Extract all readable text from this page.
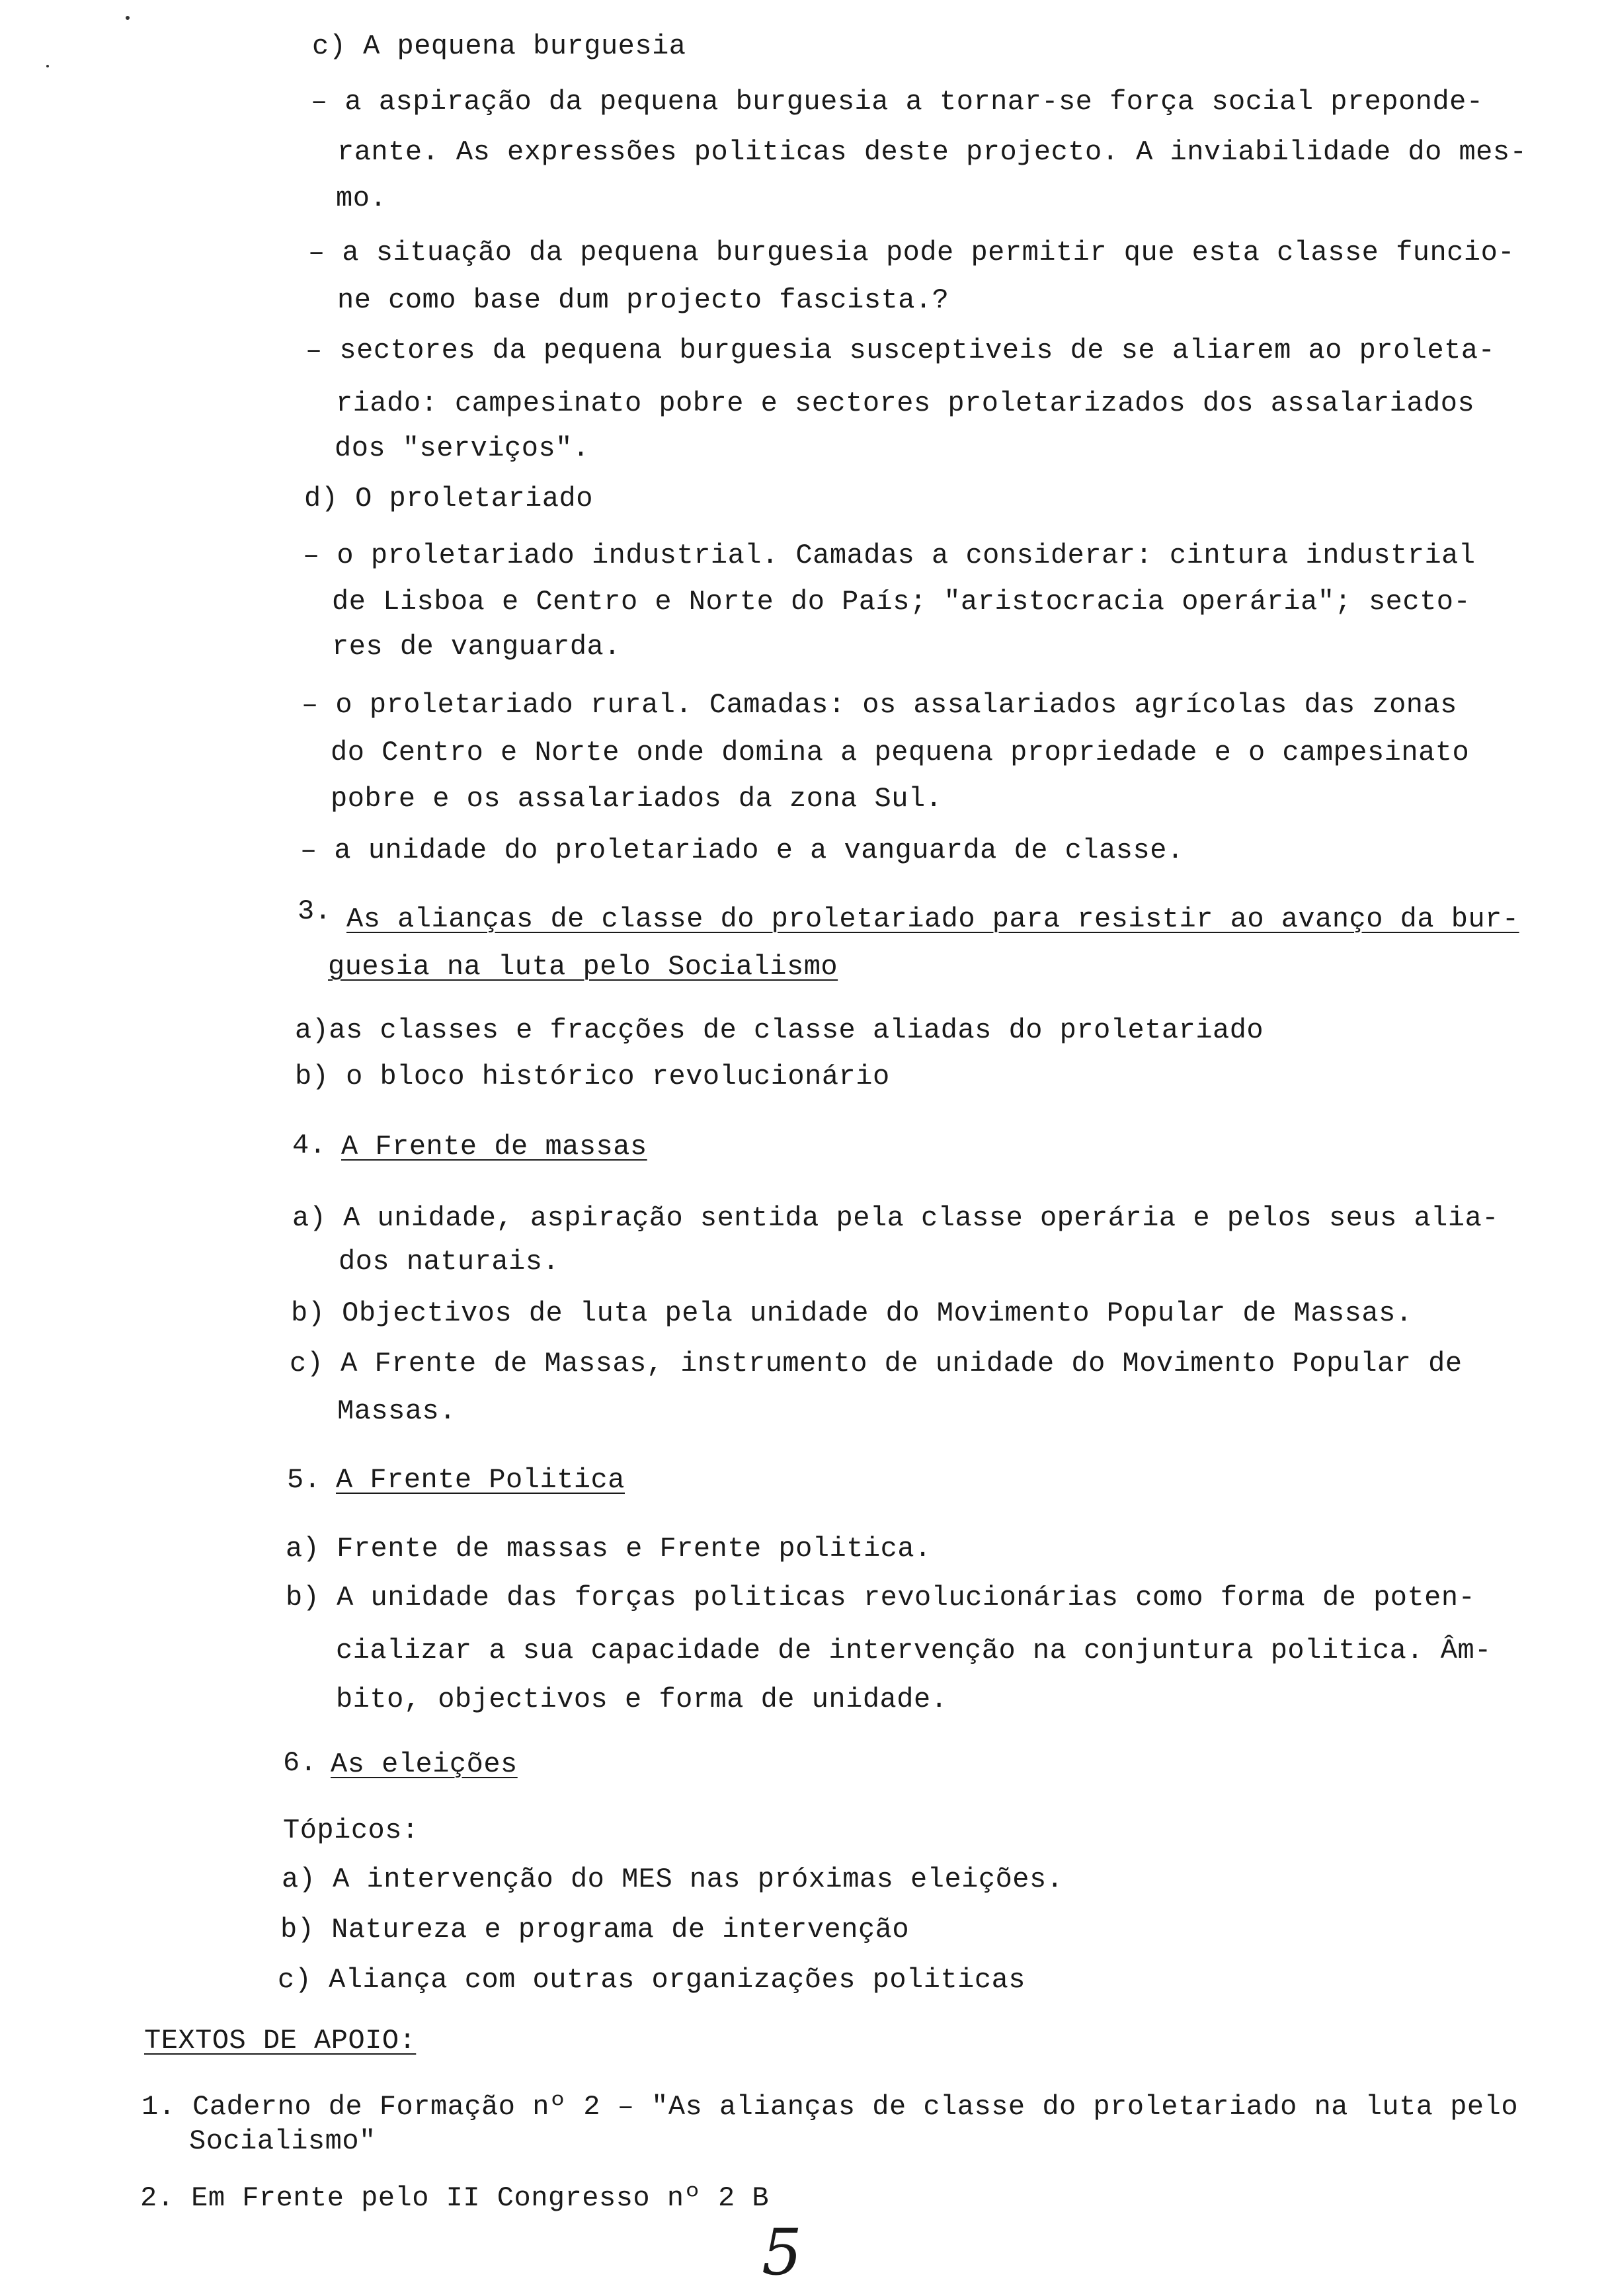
c) A pequena burguesia
– a aspiração da pequena burguesia a tornar-se força social preponde-
rante. As expressões politicas deste projecto. A inviabilidade do mes-
mo.
– a situação da pequena burguesia pode permitir que esta classe funcio-
ne como base dum projecto fascista.?
– sectores da pequena burguesia susceptiveis de se aliarem ao proleta-
riado: campesinato pobre e sectores proletarizados dos assalariados
dos "serviços".
d) O proletariado
– o proletariado industrial. Camadas a considerar: cintura industrial
de Lisboa e Centro e Norte do País; "aristocracia operária"; secto-
res de vanguarda.
– o proletariado rural. Camadas: os assalariados agrícolas das zonas
do Centro e Norte onde domina a pequena propriedade e o campesinato
pobre e os assalariados da zona Sul.
– a unidade do proletariado e a vanguarda de classe.
3. As alianças de classe do proletariado para resistir ao avanço da bur-
guesia na luta pelo Socialismo
a)as classes e fracções de classe aliadas do proletariado
b) o bloco histórico revolucionário
4. A Frente de massas
a) A unidade, aspiração sentida pela classe operária e pelos seus alia-
dos naturais.
b) Objectivos de luta pela unidade do Movimento Popular de Massas.
c) A Frente de Massas, instrumento de unidade do Movimento Popular de
Massas.
5. A Frente Politica
a) Frente de massas e Frente politica.
b) A unidade das forças politicas revolucionárias como forma de poten-
cializar a sua capacidade de intervenção na conjuntura politica. Âm-
bito, objectivos e forma de unidade.
6. As eleições
Tópicos:
a) A intervenção do MES nas próximas eleições.
b) Natureza e programa de intervenção
c) Aliança com outras organizações politicas
TEXTOS DE APOIO:
1. Caderno de Formação nº 2 – "As alianças de classe do proletariado na luta pelo
Socialismo"
2. Em Frente pelo II Congresso nº 2 B
5
